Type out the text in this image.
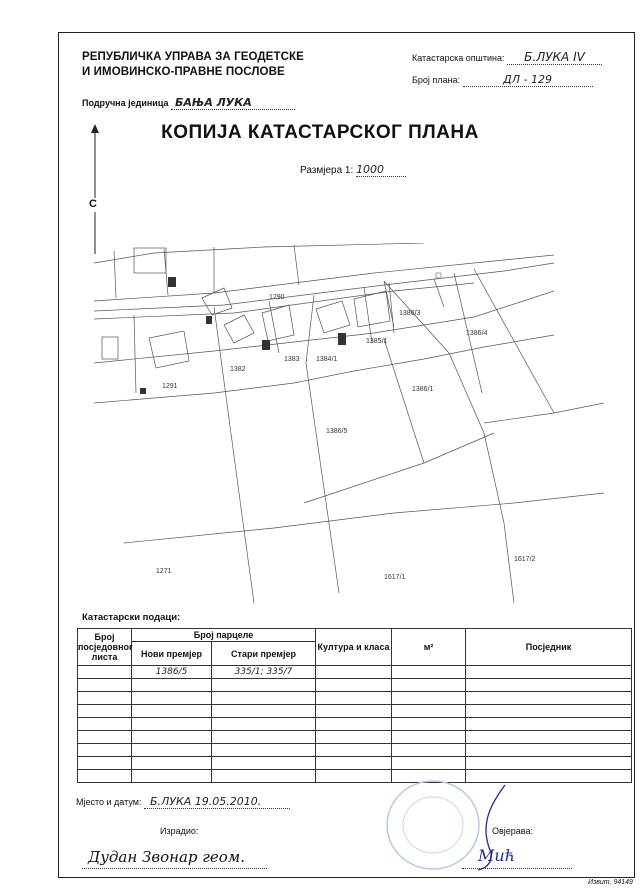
РЕПУБЛИЧКА УПРАВА ЗА ГЕОДЕТСКЕ
И ИМОВИНСКО-ПРАВНЕ ПОСЛОВЕ
Подручна јединица БАЊА ЛУКА
Катастарска општина: Б.ЛУКА IV
Број плана:	ДЛ - 129
КОПИЈА КАТАСТАРСКОГ ПЛАНА
Размјера 1: 1000
С
1290
1386/3
1386/4
1385/1
1384/1
1383
1382
1291	1386/1
1386/5
1617/2
1617/1
1271
Катастарски подаци:
Број посједовног листа	Број парцеле		Култура и класа	м²	Посједник
	Нови премјер	Стари премјер			
	1386/5	335/1; 335/7			

Мјесто и датум: Б.ЛУКА 19.05.2010.
Израдио:
Дудан Звонар геом.
Овјерава:
Мић
Извит. 94149
